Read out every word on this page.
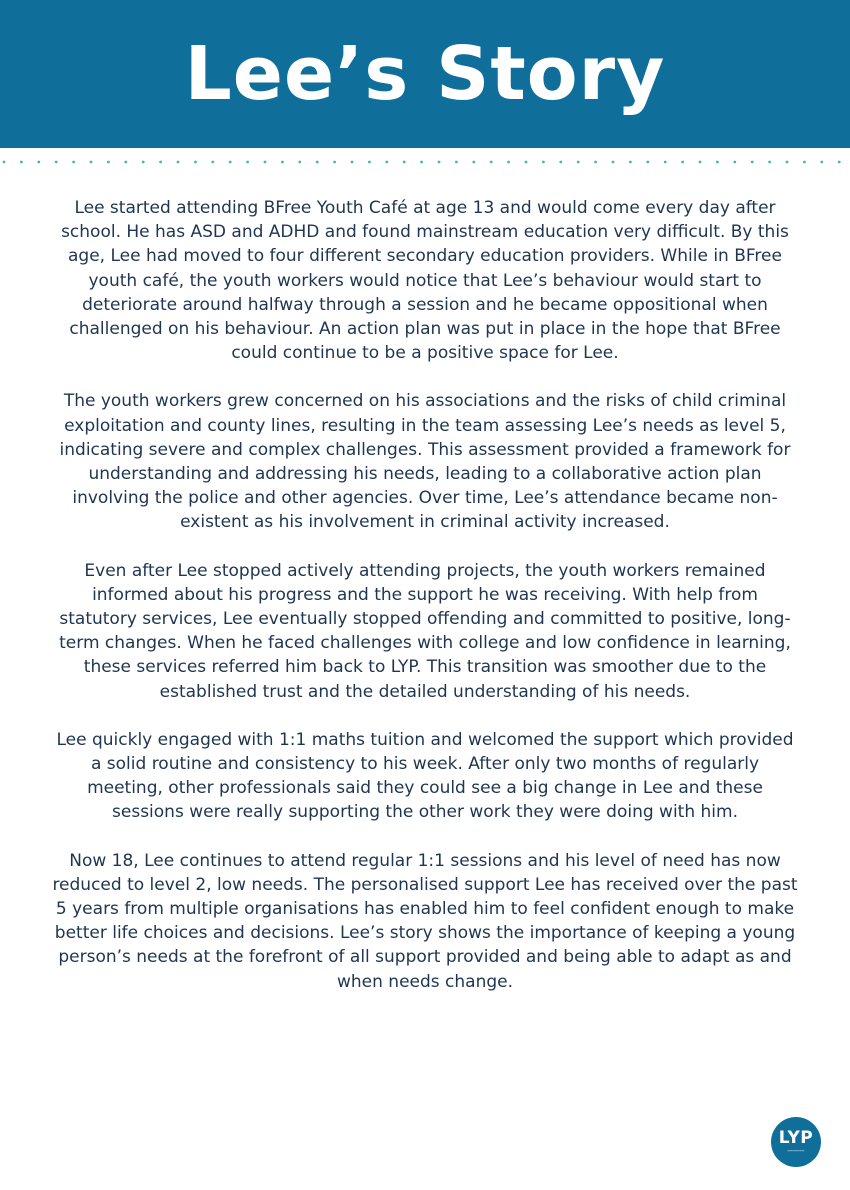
Lee’s Story

Lee started attending BFree Youth Café at age 13 and would come every day after school. He has ASD and ADHD and found mainstream education very difficult. By this age, Lee had moved to four different secondary education providers. While in BFree youth café, the youth workers would notice that Lee’s behaviour would start to deteriorate around halfway through a session and he became oppositional when challenged on his behaviour. An action plan was put in place in the hope that BFree could continue to be a positive space for Lee.

The youth workers grew concerned on his associations and the risks of child criminal exploitation and county lines, resulting in the team assessing Lee’s needs as level 5, indicating severe and complex challenges. This assessment provided a framework for understanding and addressing his needs, leading to a collaborative action plan involving the police and other agencies. Over time, Lee’s attendance became non-existent as his involvement in criminal activity increased.

Even after Lee stopped actively attending projects, the youth workers remained informed about his progress and the support he was receiving. With help from statutory services, Lee eventually stopped offending and committed to positive, long-term changes. When he faced challenges with college and low confidence in learning, these services referred him back to LYP. This transition was smoother due to the established trust and the detailed understanding of his needs.

Lee quickly engaged with 1:1 maths tuition and welcomed the support which provided a solid routine and consistency to his week. After only two months of regularly meeting, other professionals said they could see a big change in Lee and these sessions were really supporting the other work they were doing with him.

Now 18, Lee continues to attend regular 1:1 sessions and his level of need has now reduced to level 2, low needs. The personalised support Lee has received over the past 5 years from multiple organisations has enabled him to feel confident enough to make better life choices and decisions. Lee’s story shows the importance of keeping a young person’s needs at the forefront of all support provided and being able to adapt as and when needs change.

LYP
━━━━━━━
